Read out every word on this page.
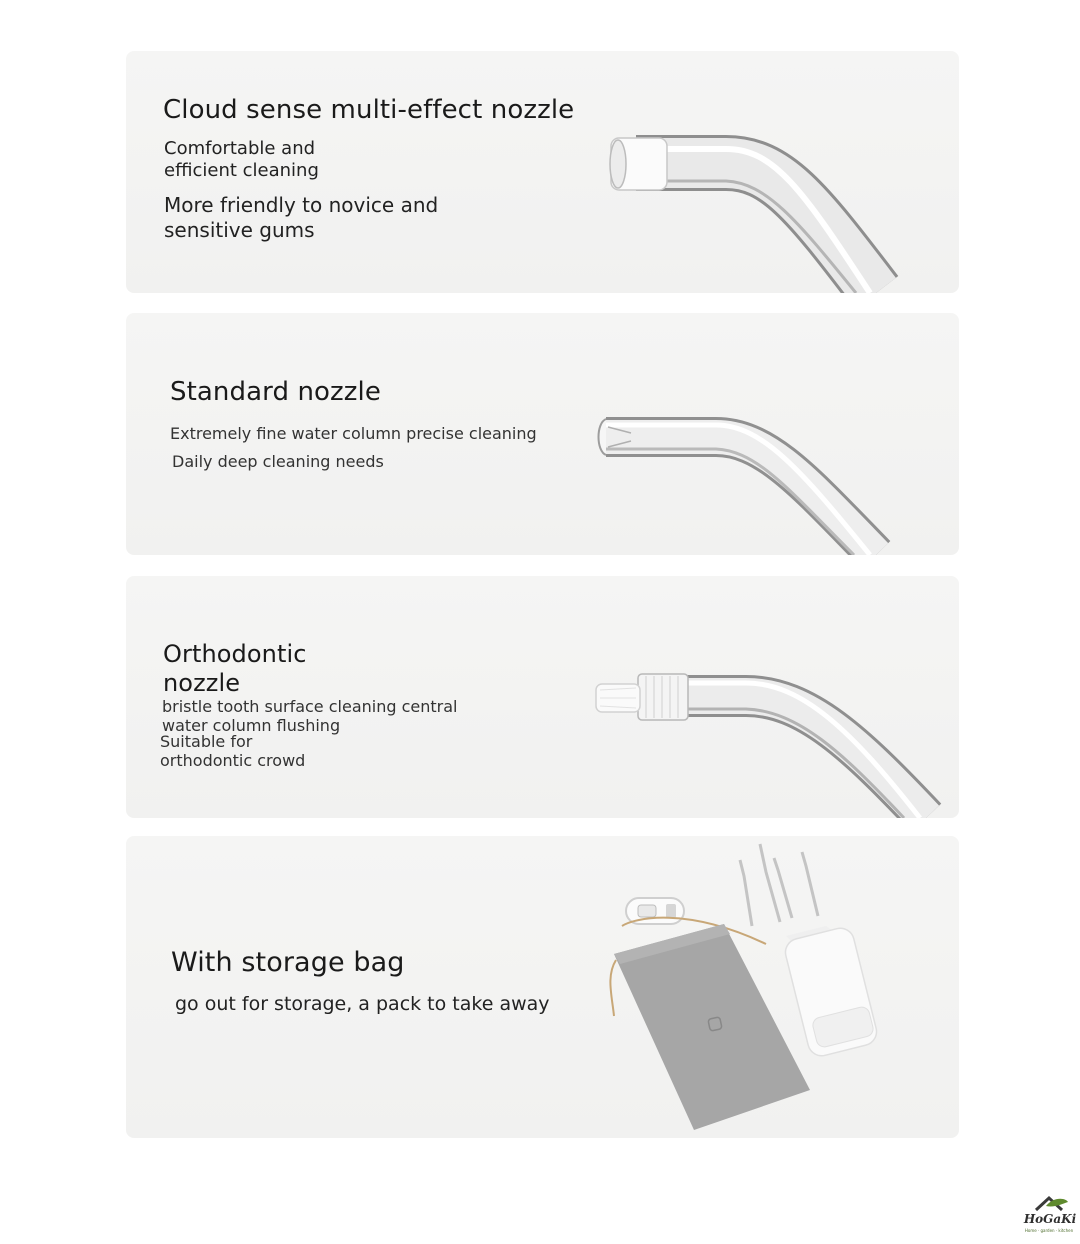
Cloud sense multi-effect nozzle
Comfortable and
efficient cleaning
More friendly to novice and
sensitive gums
Standard nozzle
Extremely fine water column precise cleaning
Daily deep cleaning needs
Orthodontic
nozzle
bristle tooth surface cleaning central
water column flushing
Suitable for
orthodontic crowd
With storage bag
go out for storage, a pack to take away
HoGaKi
Home · garden · kitchen
